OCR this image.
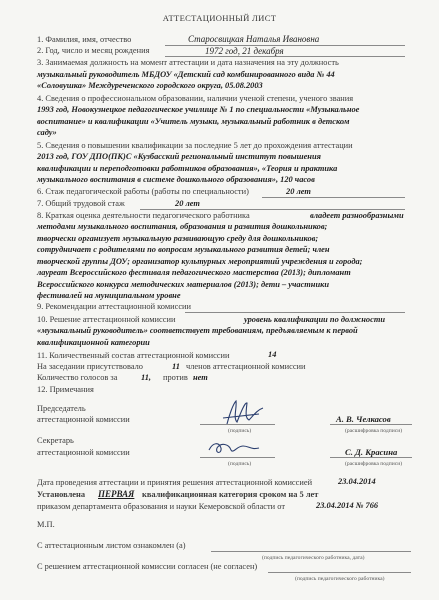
АТТЕСТАЦИОННЫЙ ЛИСТ
1. Фамилия, имя, отчество	Старосвицкая Наталья Ивановна
2. Год, число и месяц рождения	1972 год, 21 декабря
3. Занимаемая должность на момент аттестации и дата назначения на эту должность
музыкальный руководитель МБДОУ «Детский сад комбинированного вида № 44
«Соловушка» Междуреченского городского округа, 05.08.2003
4. Сведения о профессиональном образовании, наличии ученой степени, ученого звания
1993 год, Новокузнецкое педагогическое училище № 1 по специальности «Музыкальное
воспитание» и квалификации «Учитель музыки, музыкальный работник в детском
саду»
5. Сведения о повышении квалификации за последние 5 лет до прохождения аттестации
2013 год, ГОУ ДПО(ПК)С «Кузбасский региональный институт повышения
квалификации и переподготовки работников образования», «Теория и практика
музыкального воспитания в системе дошкольного образования», 120 часов
6. Стаж педагогической работы (работы по специальности)	20 лет
7. Общий трудовой стаж	20 лет
8. Краткая оценка деятельности педагогического работника	владеет разнообразными
методами музыкального воспитания, образования и развития дошкольников;
творчески организует музыкальную развивающую среду для дошкольников;
сотрудничает с родителями по вопросам музыкального развития детей; член
творческой группы ДОУ; организатор культурных мероприятий учреждения и города;
лауреат Всероссийского фестиваля педагогического мастерства (2013); дипломант
Всероссийского конкурса методических материалов (2013); дети – участники
фестивалей на муниципальном уровне
9. Рекомендации аттестационной комиссии
10. Решение аттестационной комиссии	уровень квалификации по должности
«музыкальный руководитель» соответствует требованиям, предъявляемым к первой
квалификационной категории
11. Количественный состав аттестационной комиссии	14
На заседании присутствовало	11 членов аттестационной комиссии
Количество голосов за	11, против нет
12. Примечания
Председатель
аттестационной комиссии
(подпись)
А. В. Челкасов
(расшифровка подписи)
Секретарь
аттестационной комиссии
(подпись)
С. Д. Красина
(расшифровка подписи)
Дата проведения аттестации и принятия решения аттестационной комиссией	23.04.2014
Установлена ПЕРВАЯ квалификационная категория сроком на 5 лет
приказом департамента образования и науки Кемеровской области от	23.04.2014 № 766
М.П.
С аттестационным листом ознакомлен (а)
(подпись педагогического работника, дата)
С решением аттестационной комиссии согласен (не согласен)
(подпись педагогического работника)
